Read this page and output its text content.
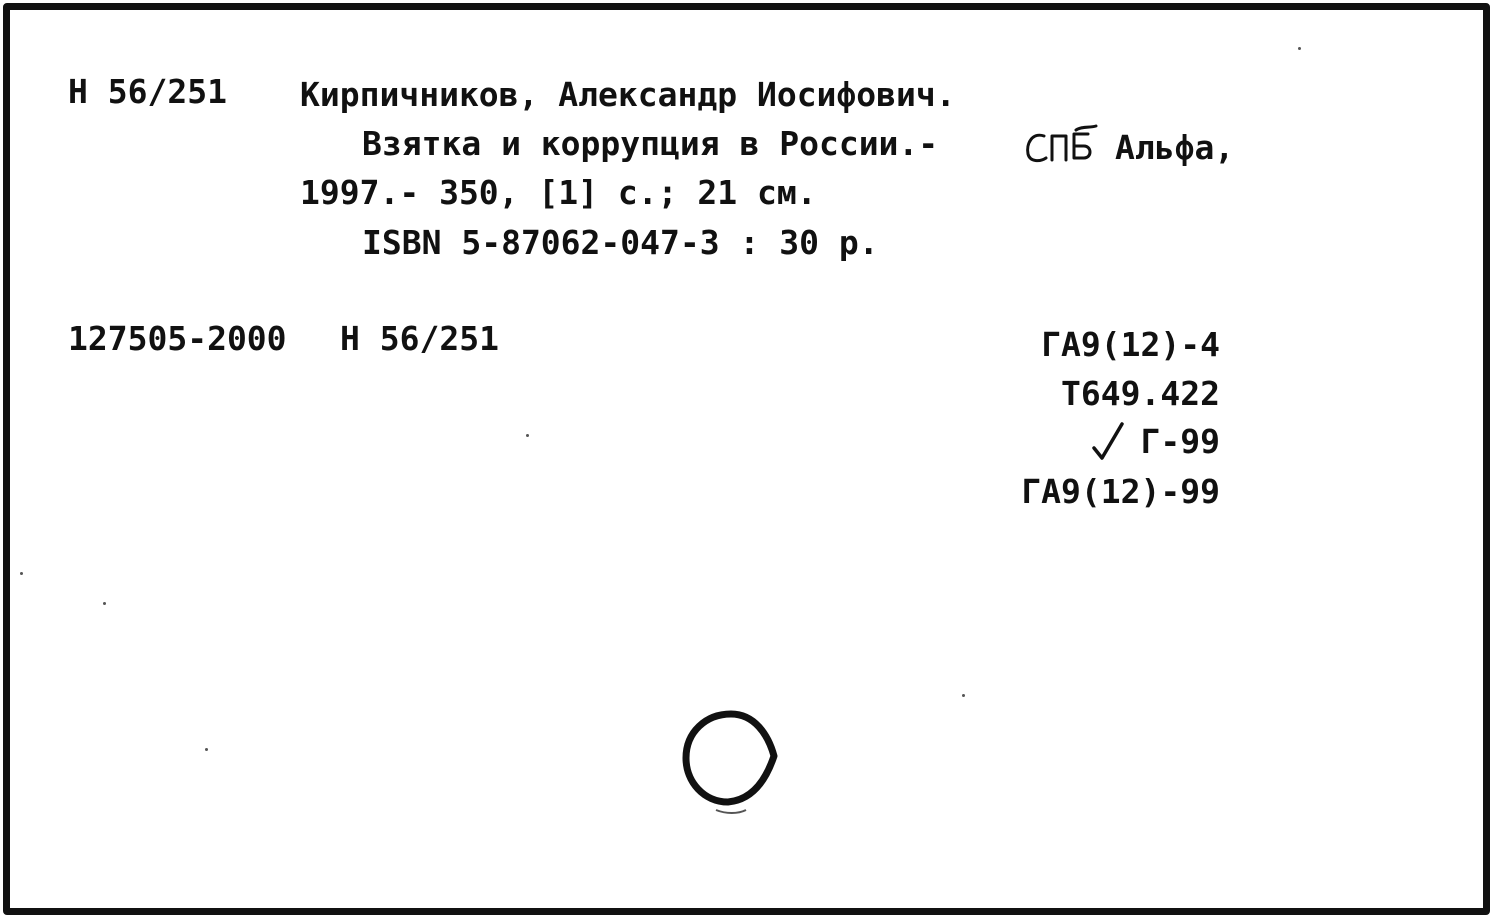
Н 56/251 Кирпичников, Александр Иосифович.
Взятка и коррупция в России.-	Альфа,
1997.- 350, [1] с.; 21 см.
ISBN 5-87062-047-3 : 30 р.
127505-2000 Н 56/251	ГА9(12)-4
Т649.422
Г-99
ГА9(12)-99
